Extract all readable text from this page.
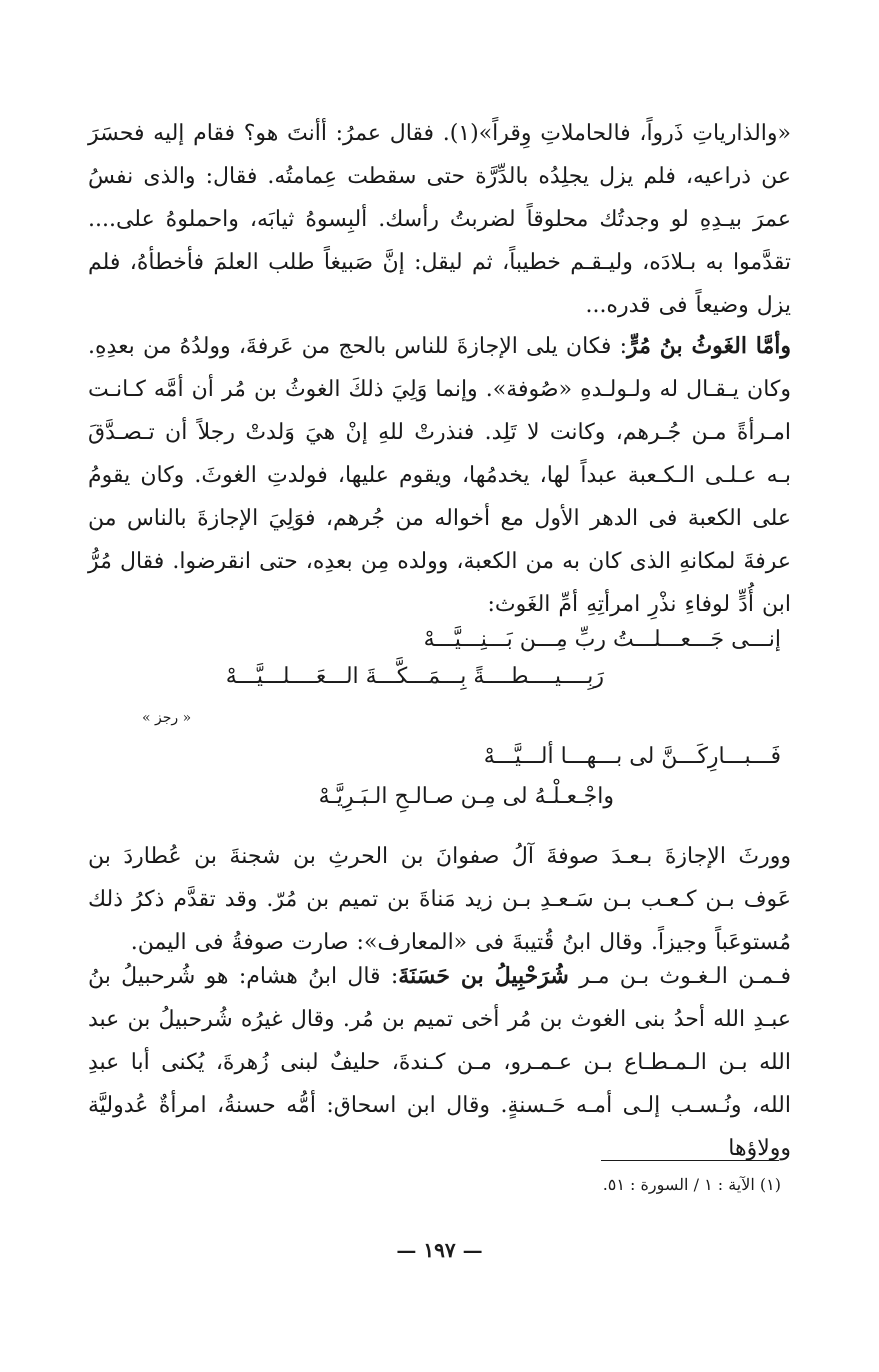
«والذارياتِ ذَرواً، فالحاملاتِ وِقراً»(١). فقال عمرُ: أأنتَ هو؟ فقام إليه فحسَرَ عن ذراعيه، فلم يزل يجلِدُه بالدِّرَّة حتى سقطت عِمامتُه. فقال: والذى نفسُ عمرَ بيـدِهِ لو وجدتُك محلوقاً لضربتُ رأسك. ألبِسوهُ ثيابَه، واحملوهُ على.... تقدَّموا به بـلادَه، وليـقـم خطيباً، ثم ليقل: إنَّ صَبيغاً طلب العلمَ فأخطأهُ، فلم يزل وضيعاً فى قدره...

وأمَّا الغَوثُ بنُ مُرٍّ: فكان يلى الإجازةَ للناس بالحج من عَرفةَ، وولدُهُ من بعدِهِ. وكان يـقـال له ولـولـدهِ «صُوفة». وإنما وَلِيَ ذلكَ الغوثُ بن مُر أن أمَّه كـانـت امـرأةً مـن جُـرهم، وكانت لا تَلِد. فنذرتْ للهِ إنْ هيَ وَلدتْ رجلاً أن تـصـدَّقَ بـه عـلـى الـكـعبة عبداً لها، يخدمُها، ويقوم عليها، فولدتِ الغوثَ. وكان يقومُ على الكعبة فى الدهر الأول مع أخواله من جُرهم، فوَلِيَ الإجازةَ بالناس من عرفةَ لمكانهِ الذى كان به من الكعبة، وولده مِن بعدِه، حتى انقرضوا. فقال مُرُّ ابن أُدٍّ لوفاءِ نذْرِ امرأتِهِ أمِّ الغَوث:

إنـــى جَـــعـــلـــتُ ربِّ مِـــن بَـــنِـــيَّـــهْ
رَبِــــيــــطــــةً بِـــمَـــكَّـــةَ الـــعَــــلـــيَّـــهْ
« رجز »
فَـــبـــارِكَـــنَّ لى بـــهـــا ألـــيَّـــهْ
واجْـعـلْـهُ لى مِـن صـالـحِ الـبَـرِيَّـهْ

وورثَ الإجازةَ بـعـدَ صوفةَ آلُ صفوانَ بن الحرثِ بن شجنةَ بن عُطاردَ بن عَوف بـن كـعـب بـن سَـعـدِ بـن زيد مَناةَ بن تميم بن مُرّ. وقد تقدَّم ذكرُ ذلك مُستوعَباً وجيزاً. وقال ابنُ قُتيبةَ فى «المعارف»: صارت صوفةُ فى اليمن.

فـمـن الـغـوث بـن مـر شُرَحْبِيلُ بن حَسَنَةَ: قال ابنُ هشام: هو شُرحبيلُ بنُ عبـدِ الله أحدُ بنى الغوث بن مُر أخى تميم بن مُر. وقال غيرُه شُرحبيلُ بن عبد الله بـن الـمـطـاع بـن عـمـرو، مـن كـندةَ، حليفٌ لبنى زُهرةَ، يُكنى أبا عبدِ الله، ونُـسـب إلـى أمـه حَـسنةٍ. وقال ابن اسحاق: أمُّه حسنةُ، امرأةٌ عُدوليَّة وولاؤها

(١) الآية : ١ / السورة : ٥١.
— ١٩٧ —
